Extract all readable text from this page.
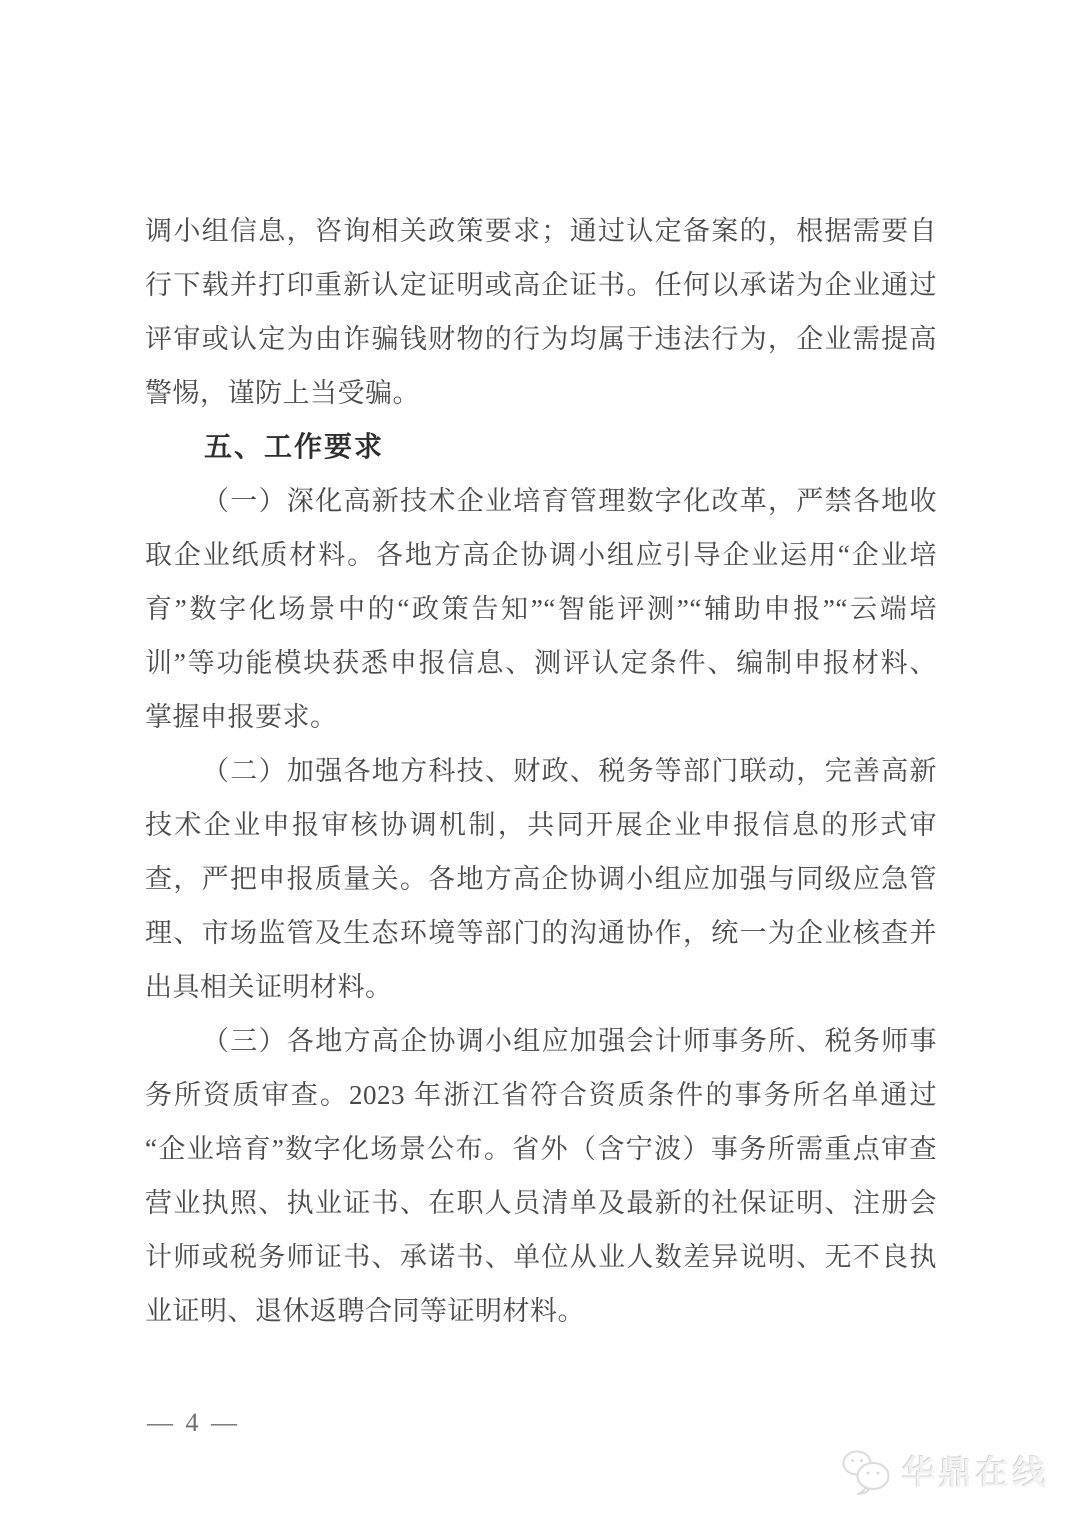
调小组信息，咨询相关政策要求；通过认定备案的，根据需要自
行下载并打印重新认定证明或高企证书。任何以承诺为企业通过
评审或认定为由诈骗钱财物的行为均属于违法行为，企业需提高
警惕，谨防上当受骗。
五、工作要求
（一）深化高新技术企业培育管理数字化改革，严禁各地收
取企业纸质材料。各地方高企协调小组应引导企业运用“企业培
育”数字化场景中的“政策告知”“智能评测”“辅助申报”“云端培
训”等功能模块获悉申报信息、测评认定条件、编制申报材料、
掌握申报要求。
（二）加强各地方科技、财政、税务等部门联动，完善高新
技术企业申报审核协调机制，共同开展企业申报信息的形式审
查，严把申报质量关。各地方高企协调小组应加强与同级应急管
理、市场监管及生态环境等部门的沟通协作，统一为企业核查并
出具相关证明材料。
（三）各地方高企协调小组应加强会计师事务所、税务师事
务所资质审查。2023 年浙江省符合资质条件的事务所名单通过
“企业培育”数字化场景公布。省外（含宁波）事务所需重点审查
营业执照、执业证书、在职人员清单及最新的社保证明、注册会
计师或税务师证书、承诺书、单位从业人数差异说明、无不良执
业证明、退休返聘合同等证明材料。
— 4 —
华鼎在线
